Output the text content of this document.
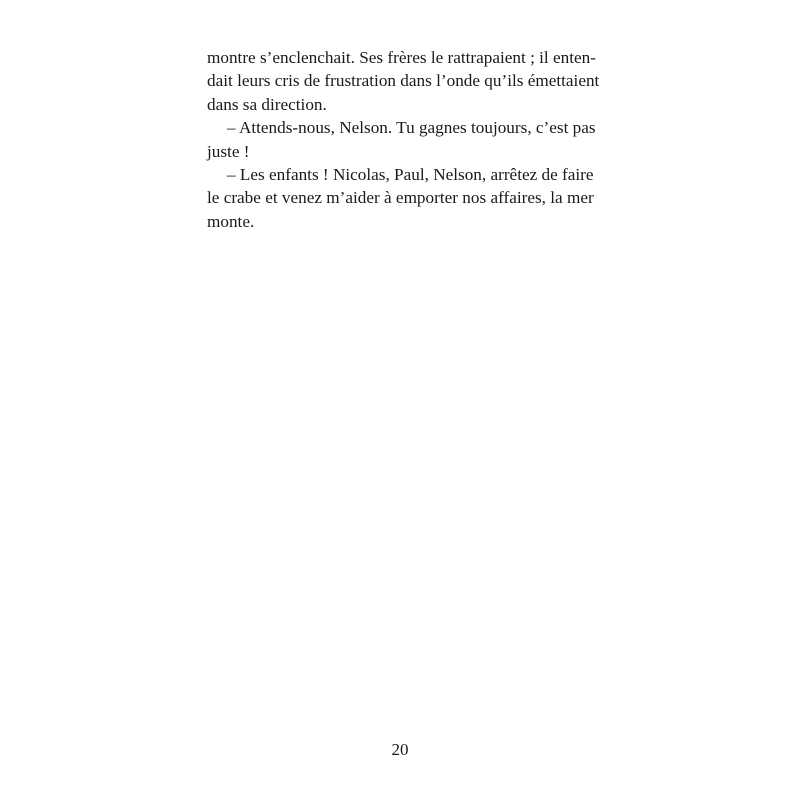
montre s’enclenchait. Ses frères le rattrapaient ; il enten-
dait leurs cris de frustration dans l’onde qu’ils émettaient
dans sa direction.
– Attends-nous, Nelson. Tu gagnes toujours, c’est pas
juste !
– Les enfants ! Nicolas, Paul, Nelson, arrêtez de faire
le crabe et venez m’aider à emporter nos affaires, la mer
monte.
20
